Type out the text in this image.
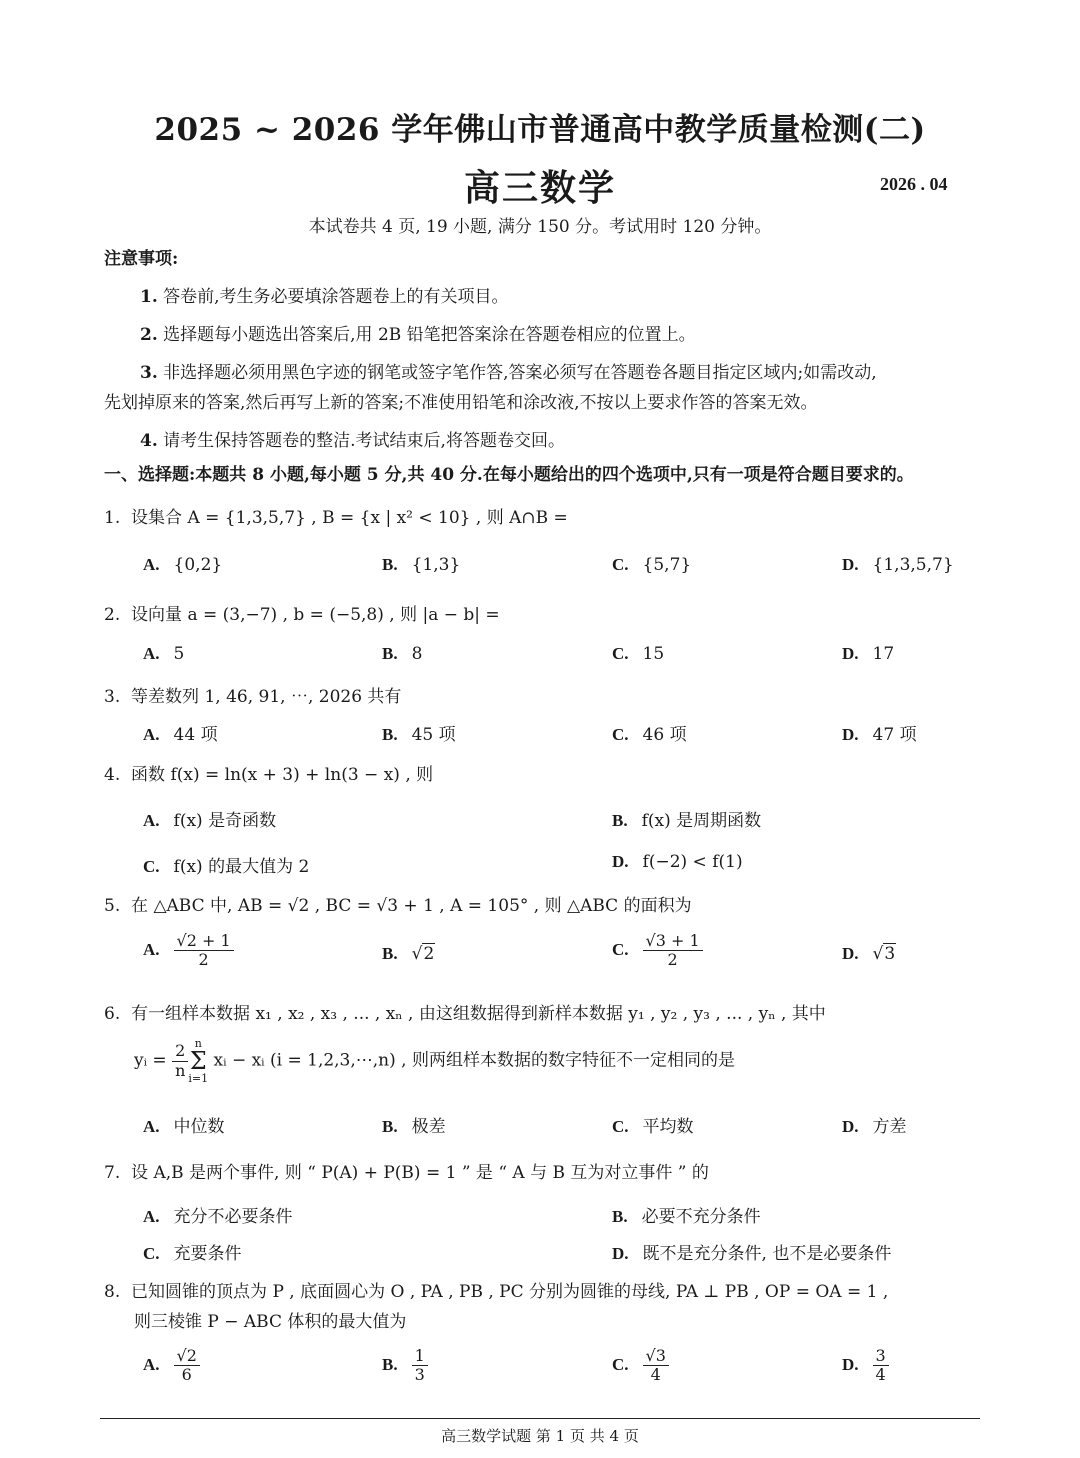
2025 ~ 2026 学年佛山市普通高中教学质量检测(二)
高三数学	2026 . 04
本试卷共 4 页, 19 小题, 满分 150 分。考试用时 120 分钟。
注意事项:
1. 答卷前,考生务必要填涂答题卷上的有关项目。
2. 选择题每小题选出答案后,用 2B 铅笔把答案涂在答题卷相应的位置上。
3. 非选择题必须用黑色字迹的钢笔或签字笔作答,答案必须写在答题卷各题目指定区域内;如需改动,
先划掉原来的答案,然后再写上新的答案;不准使用铅笔和涂改液,不按以上要求作答的答案无效。
4. 请考生保持答题卷的整洁.考试结束后,将答题卷交回。
一、选择题:本题共 8 小题,每小题 5 分,共 40 分.在每小题给出的四个选项中,只有一项是符合题目要求的。
1. 设集合 A = {1,3,5,7} , B = {x | x² < 10} , 则 A∩B =
A. {0,2}	B. {1,3}	C. {5,7}	D. {1,3,5,7}
2. 设向量 a = (3,−7) , b = (−5,8) , 则 |a − b| =
A. 5	B. 8	C. 15	D. 17
3. 等差数列 1, 46, 91, ⋯, 2026 共有
A. 44 项	B. 45 项	C. 46 项	D. 47 项
4. 函数 f(x) = ln(x + 3) + ln(3 − x) , 则
A. f(x) 是奇函数	B. f(x) 是周期函数
C. f(x) 的最大值为 2	D. f(−2) < f(1)
5. 在 △ABC 中, AB = √2 , BC = √3 + 1 , A = 105° , 则 △ABC 的面积为
A. $\frac{√2 + 1}{2}$	B. √2	C. $\frac{√3 + 1}{2}$	D. √3
6. 有一组样本数据 x₁ , x₂ , x₃ , ... , xₙ , 由这组数据得到新样本数据 y₁ , y₂ , y₃ , ... , yₙ , 其中
yᵢ = $\frac{2}{n}$ n
Σ
i=1 xᵢ − xᵢ (i = 1,2,3,⋯,n) , 则两组样本数据的数字特征不一定相同的是
A. 中位数	B. 极差	C. 平均数	D. 方差
7. 设 A,B 是两个事件, 则 “ P(A) + P(B) = 1 ” 是 “ A 与 B 互为对立事件 ” 的
A. 充分不必要条件	B. 必要不充分条件
C. 充要条件	D. 既不是充分条件, 也不是必要条件
8. 已知圆锥的顶点为 P , 底面圆心为 O , PA , PB , PC 分别为圆锥的母线, PA ⊥ PB , OP = OA = 1 ,
则三棱锥 P − ABC 体积的最大值为
A. $\frac{√2}{6}$	B. $\frac{1}{3}$	C. $\frac{√3}{4}$	D. $\frac{3}{4}$
高三数学试题 第 1 页 共 4 页
